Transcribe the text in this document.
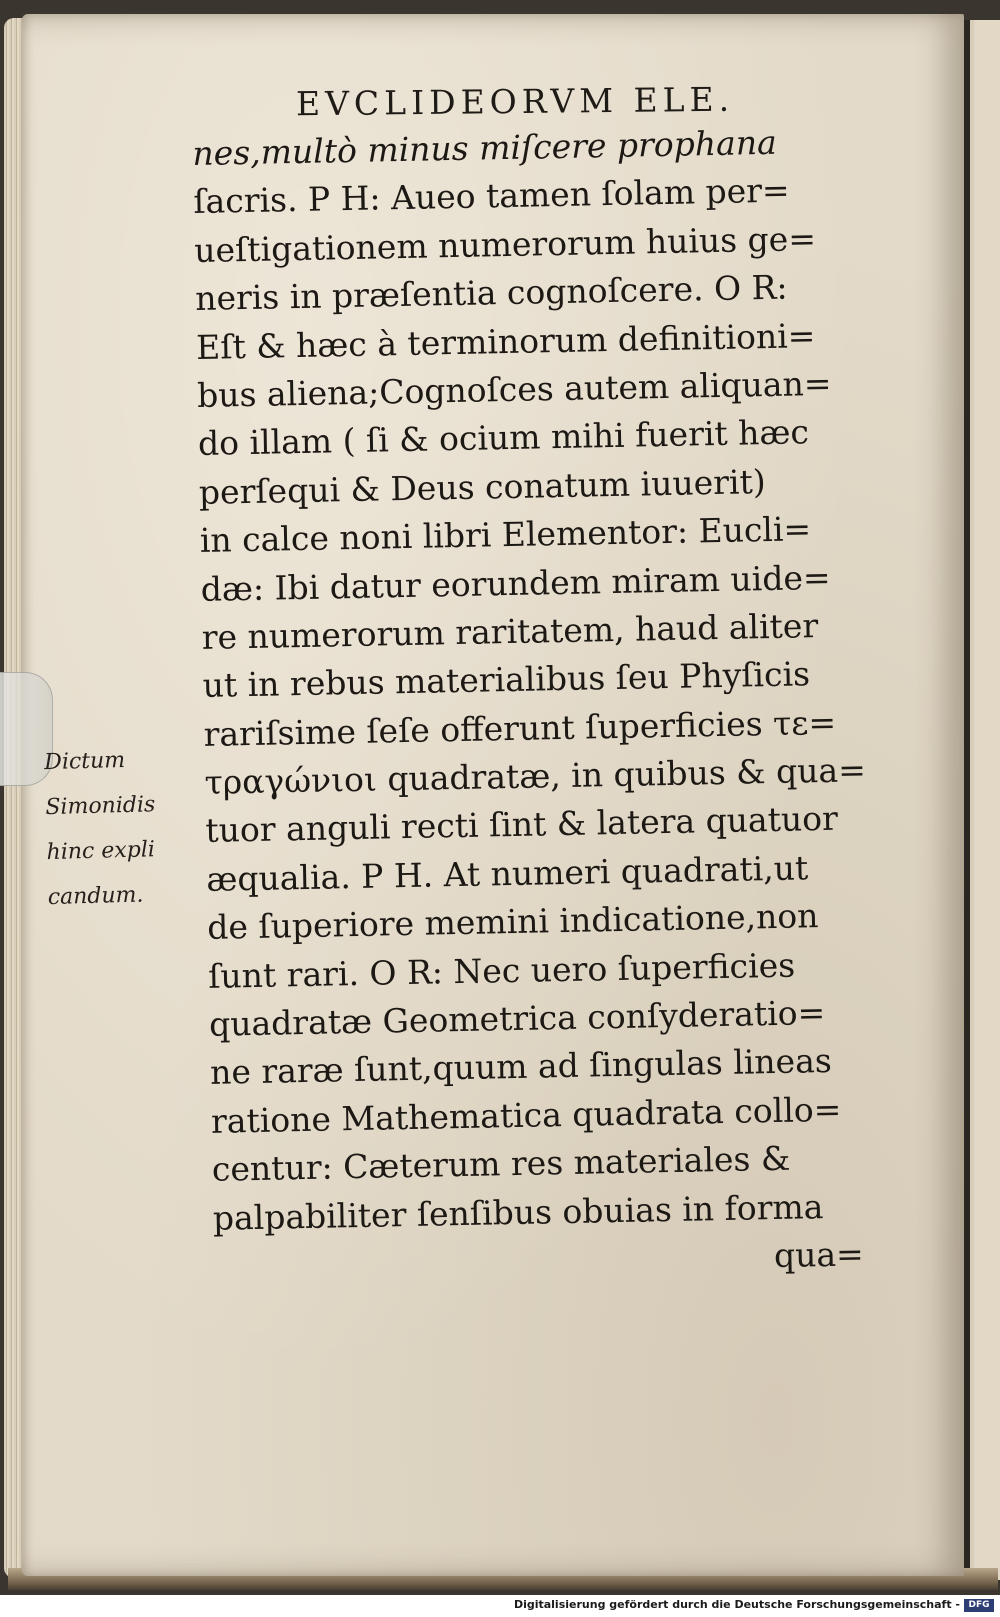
EVCLIDEORVM ELE.
nes,multò minus miſcere prophana
ſacris. P H: Aueo tamen ſolam per=
ueſtigationem numerorum huius ge=
neris in præſentia cognoſcere. O R:
Eſt & hæc à terminorum definitioni=
bus aliena;Cognoſces autem aliquan=
do illam ( ſi & ocium mihi fuerit hæc
perſequi & Deus conatum iuuerit)
in calce noni libri Elementor: Eucli=
dæ: Ibi datur eorundem miram uide=
re numerorum raritatem, haud aliter
ut in rebus materialibus ſeu Phyſicis
rariſsime ſeſe offerunt ſuperficies τε=
τραγώνιοι quadratæ, in quibus & qua=
tuor anguli recti ſint & latera quatuor
æqualia. P H. At numeri quadrati,ut
de ſuperiore memini indicatione,non
ſunt rari. O R: Nec uero ſuperficies
quadratæ Geometrica conſyderatio=
ne raræ ſunt,quum ad ſingulas lineas
ratione Mathematica quadrata collo=
centur: Cæterum res materiales &
palpabiliter ſenſibus obuias in forma
qua=
Dictum
Simonidis
hinc expli
candum.
Digitalisierung gefördert durch die Deutsche Forschungsgemeinschaft - DFG
